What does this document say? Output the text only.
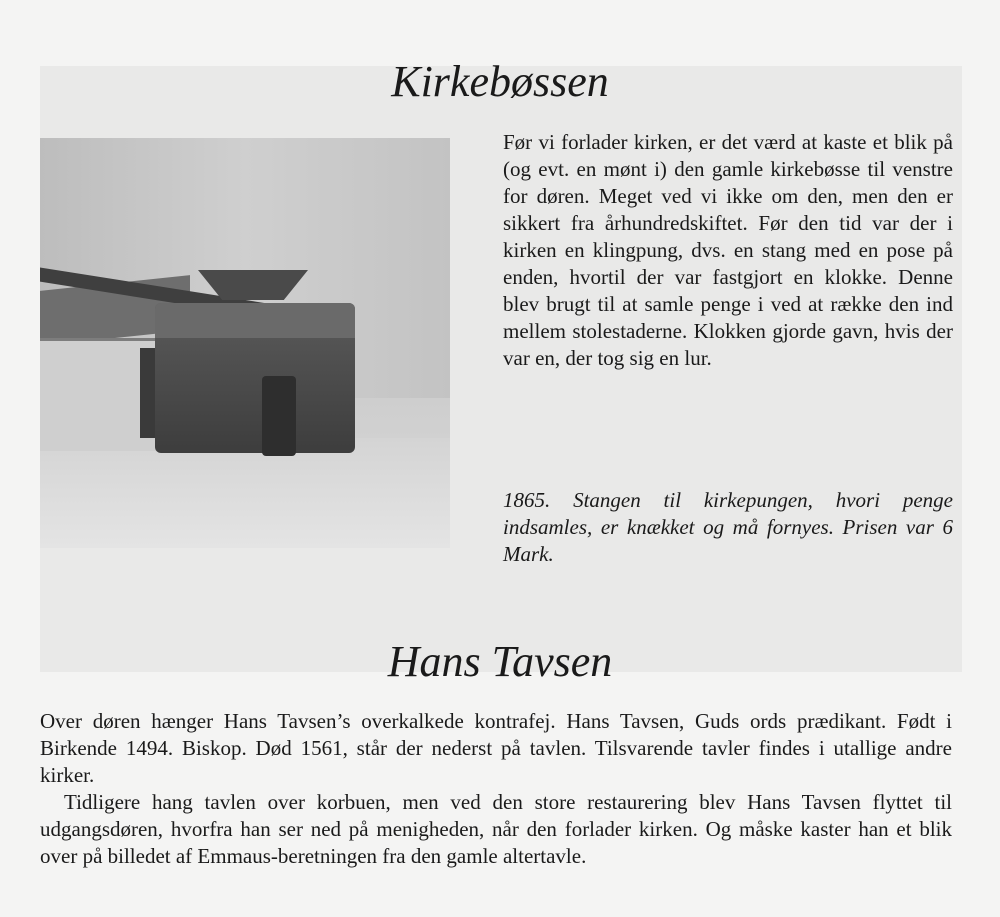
Kirkebøssen

Før vi forlader kirken, er det værd at kaste et blik på (og evt. en mønt i) den gamle kirkebøsse til venstre for døren. Meget ved vi ikke om den, men den er sikkert fra århundredskiftet. Før den tid var der i kirken en klingpung, dvs. en stang med en pose på enden, hvortil der var fastgjort en klokke. Denne blev brugt til at samle penge i ved at række den ind mellem stolestaderne. Klokken gjorde gavn, hvis der var en, der tog sig en lur.

1865. Stangen til kirkepungen, hvori penge indsamles, er knækket og må fornyes. Prisen var 6 Mark.

Hans Tavsen

Over døren hænger Hans Tavsen’s overkalkede kontrafej. Hans Tavsen, Guds ords prædikant. Født i Birkende 1494. Biskop. Død 1561, står der nederst på tavlen. Tilsvarende tavler findes i utallige andre kirker.

Tidligere hang tavlen over korbuen, men ved den store restaurering blev Hans Tavsen flyttet til udgangsdøren, hvorfra han ser ned på menigheden, når den forlader kirken. Og måske kaster han et blik over på billedet af Emmaus-beretningen fra den gamle altertavle.
